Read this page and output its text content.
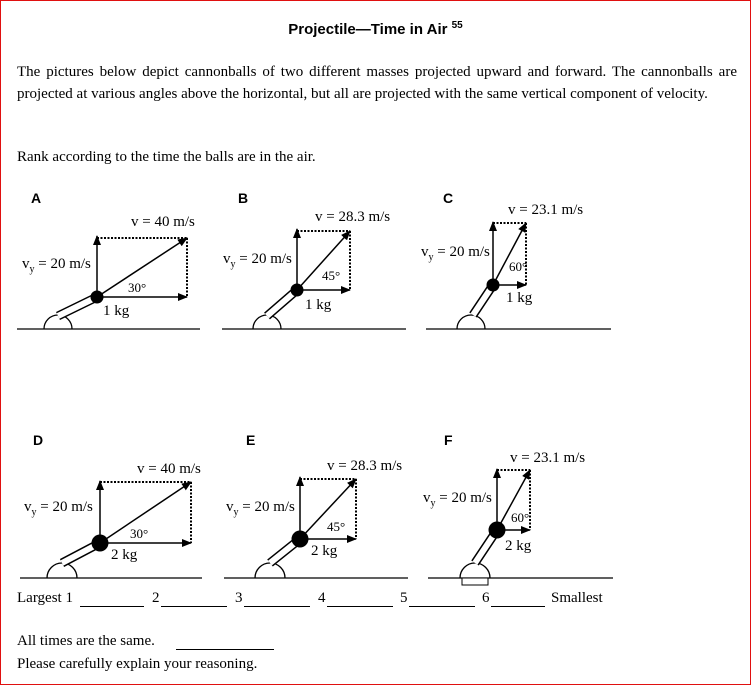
Projectile—Time in Air $^{55}$
The pictures below depict cannonballs of two different masses projected upward and forward. The cannonballs are projected at various angles above the horizontal, but all are projected with the same vertical component of velocity.
Rank according to the time the balls are in the air.
A	B	C
D	E	F
v = 40 m/s
$v_y = 20$ m/s
30°
1 kg
v = 28.3 m/s
$v_y = 20$ m/s
45°
1 kg
v = 23.1 m/s
$v_y = 20$ m/s
60°
1 kg
v = 40 m/s
$v_y = 20$ m/s
30°
2 kg
v = 28.3 m/s
$v_y = 20$ m/s
45°
2 kg
v = 23.1 m/s
$v_y = 20$ m/s
60°
2 kg
Largest 1	2	3	4	5	6	Smallest
All times are the same.
Please carefully explain your reasoning.
